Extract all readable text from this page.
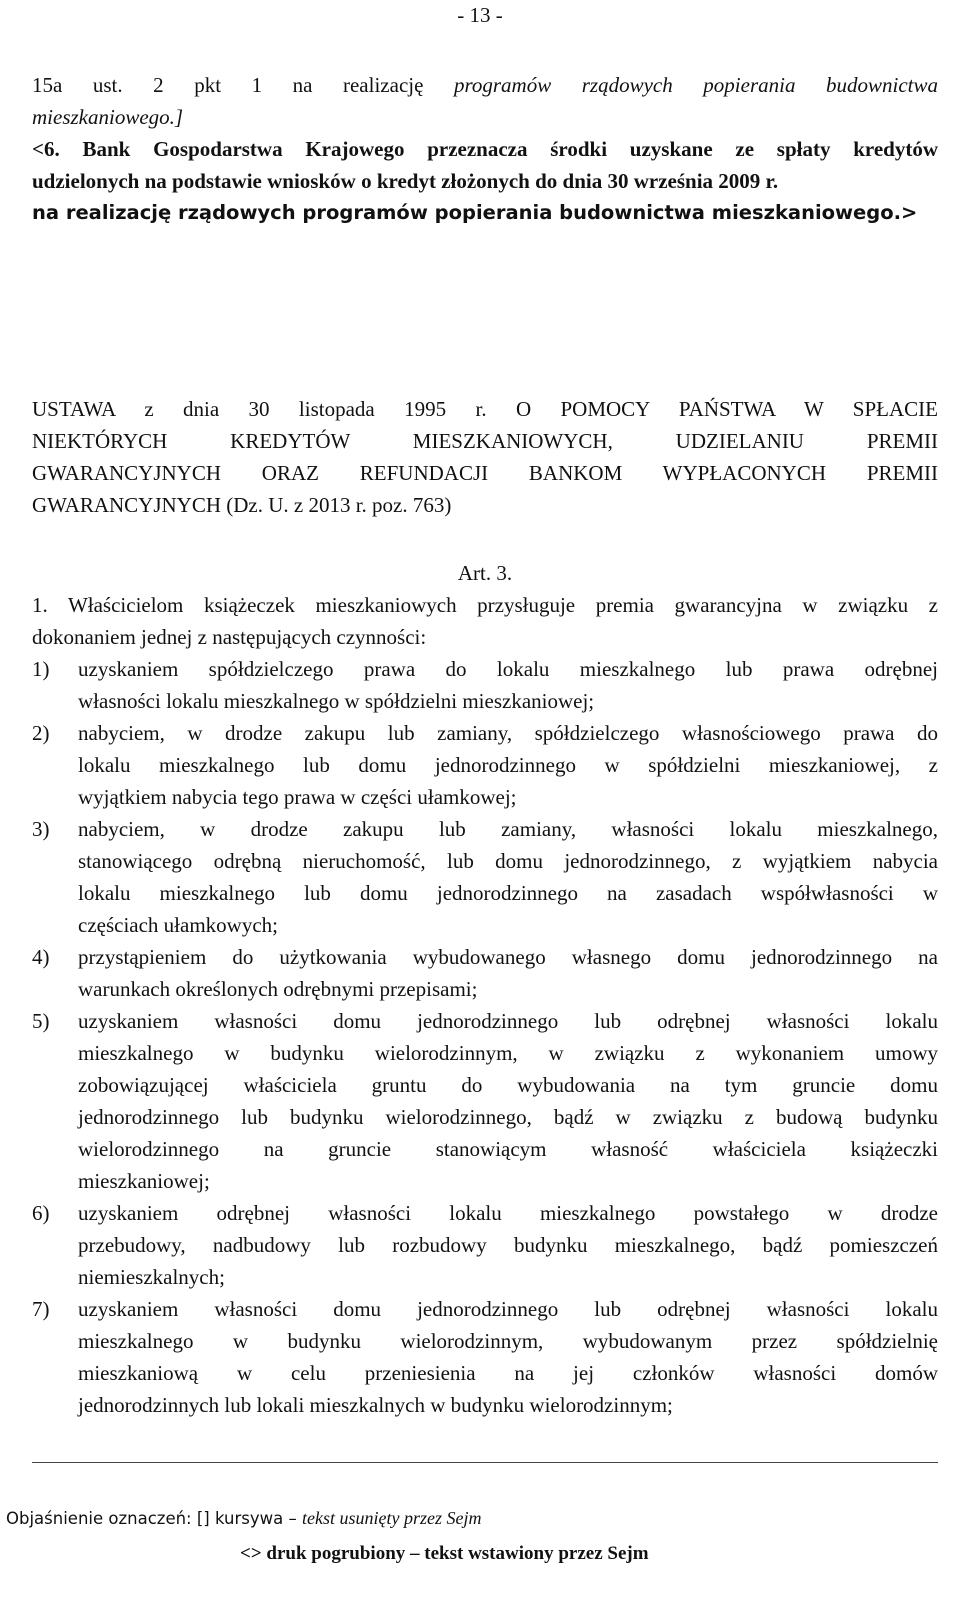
- 13 -
15a ust. 2 pkt 1 na realizację programów rządowych popierania budownictwa
mieszkaniowego.]
<6. Bank Gospodarstwa Krajowego przeznacza środki uzyskane ze spłaty kredytów
udzielonych na podstawie wniosków o kredyt złożonych do dnia 30 września 2009 r.
na realizację rządowych programów popierania budownictwa mieszkaniowego.>
USTAWA z dnia 30 listopada 1995 r. O POMOCY PAŃSTWA W SPŁACIE
NIEKTÓRYCH KREDYTÓW MIESZKANIOWYCH, UDZIELANIU PREMII
GWARANCYJNYCH ORAZ REFUNDACJI BANKOM WYPŁACONYCH PREMII
GWARANCYJNYCH (Dz. U. z 2013 r. poz. 763)
Art. 3.
1. Właścicielom książeczek mieszkaniowych przysługuje premia gwarancyjna w związku z
dokonaniem jednej z następujących czynności:
1) uzyskaniem spółdzielczego prawa do lokalu mieszkalnego lub prawa odrębnej

własności lokalu mieszkalnego w spółdzielni mieszkaniowej;

2) nabyciem, w drodze zakupu lub zamiany, spółdzielczego własnościowego prawa do

lokalu mieszkalnego lub domu jednorodzinnego w spółdzielni mieszkaniowej, z

wyjątkiem nabycia tego prawa w części ułamkowej;

3) nabyciem, w drodze zakupu lub zamiany, własności lokalu mieszkalnego,

stanowiącego odrębną nieruchomość, lub domu jednorodzinnego, z wyjątkiem nabycia

lokalu mieszkalnego lub domu jednorodzinnego na zasadach współwłasności w

częściach ułamkowych;

4) przystąpieniem do użytkowania wybudowanego własnego domu jednorodzinnego na

warunkach określonych odrębnymi przepisami;

5) uzyskaniem własności domu jednorodzinnego lub odrębnej własności lokalu

mieszkalnego w budynku wielorodzinnym, w związku z wykonaniem umowy

zobowiązującej właściciela gruntu do wybudowania na tym gruncie domu

jednorodzinnego lub budynku wielorodzinnego, bądź w związku z budową budynku

wielorodzinnego na gruncie stanowiącym własność właściciela książeczki

mieszkaniowej;

6) uzyskaniem odrębnej własności lokalu mieszkalnego powstałego w drodze

przebudowy, nadbudowy lub rozbudowy budynku mieszkalnego, bądź pomieszczeń

niemieszkalnych;

7) uzyskaniem własności domu jednorodzinnego lub odrębnej własności lokalu

mieszkalnego w budynku wielorodzinnym, wybudowanym przez spółdzielnię

mieszkaniową w celu przeniesienia na jej członków własności domów

jednorodzinnych lub lokali mieszkalnych w budynku wielorodzinnym;

Objaśnienie oznaczeń: [] kursywa – tekst usunięty przez Sejm
<> druk pogrubiony – tekst wstawiony przez Sejm
